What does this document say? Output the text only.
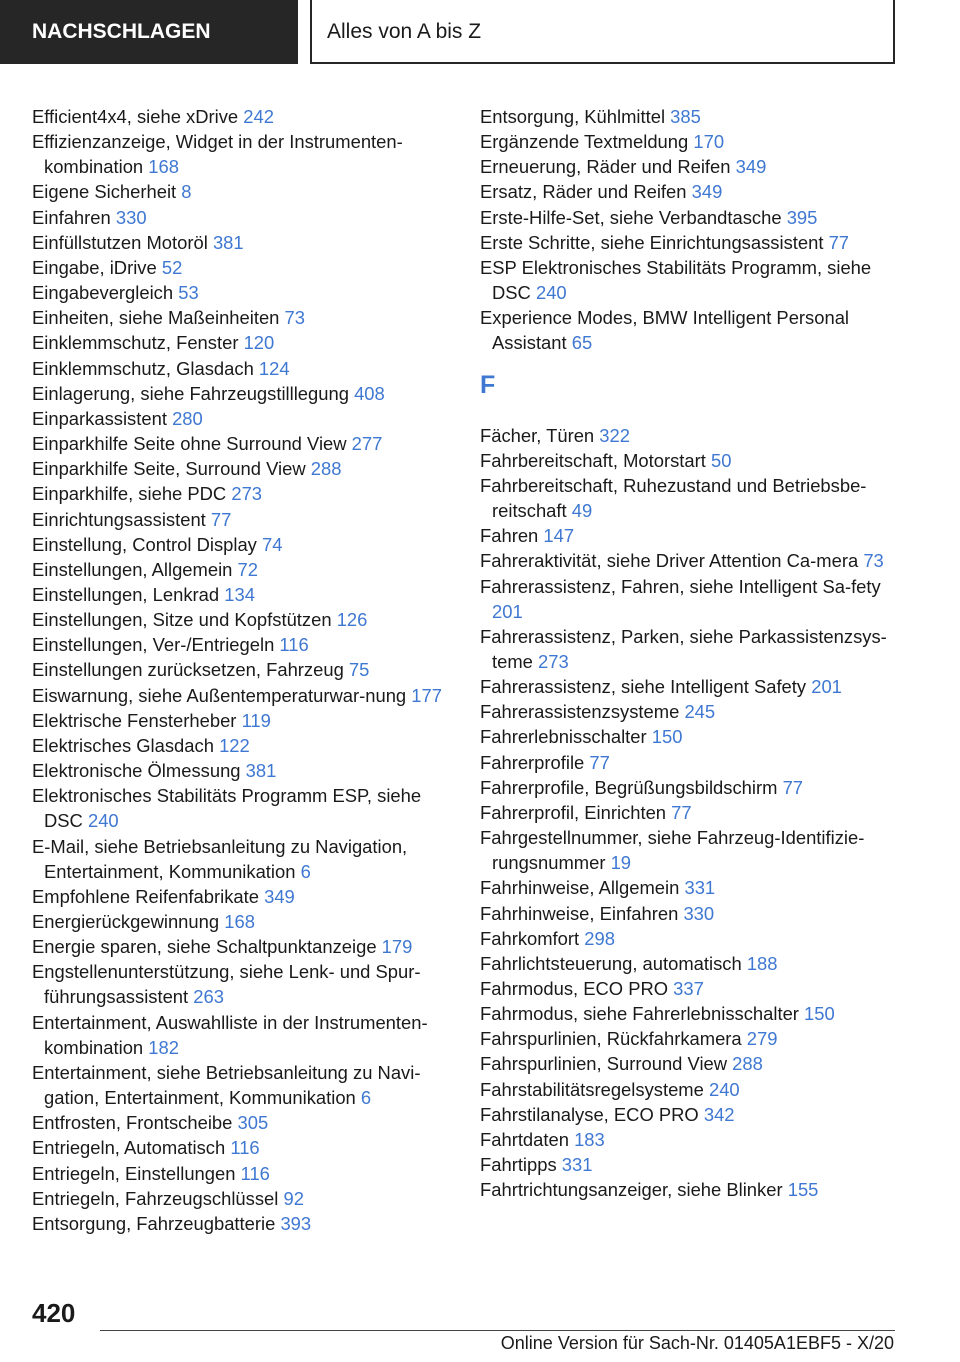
NACHSCHLAGEN	Alles von A bis Z

Efficient4x4, siehe xDrive 242

Effizienzanzeige, Widget in der Instrumenten-kombination 168

Eigene Sicherheit 8

Einfahren 330

Einfüllstutzen Motoröl 381

Eingabe, iDrive 52

Eingabevergleich 53

Einheiten, siehe Maßeinheiten 73

Einklemmschutz, Fenster 120

Einklemmschutz, Glasdach 124

Einlagerung, siehe Fahrzeugstilllegung 408

Einparkassistent 280

Einparkhilfe Seite ohne Surround View 277

Einparkhilfe Seite, Surround View 288

Einparkhilfe, siehe PDC 273

Einrichtungsassistent 77

Einstellung, Control Display 74

Einstellungen, Allgemein 72

Einstellungen, Lenkrad 134

Einstellungen, Sitze und Kopfstützen 126

Einstellungen, Ver-/Entriegeln 116

Einstellungen zurücksetzen, Fahrzeug 75

Eiswarnung, siehe Außentemperaturwar-nung 177

Elektrische Fensterheber 119

Elektrisches Glasdach 122

Elektronische Ölmessung 381

Elektronisches Stabilitäts Programm ESP, siehe DSC 240

E-Mail, siehe Betriebsanleitung zu Navigation, Entertainment, Kommunikation 6

Empfohlene Reifenfabrikate 349

Energierückgewinnung 168

Energie sparen, siehe Schaltpunktanzeige 179

Engstellenunterstützung, siehe Lenk- und Spur-führungsassistent 263

Entertainment, Auswahlliste in der Instrumenten-kombination 182

Entertainment, siehe Betriebsanleitung zu Navi-gation, Entertainment, Kommunikation 6

Entfrosten, Frontscheibe 305

Entriegeln, Automatisch 116

Entriegeln, Einstellungen 116

Entriegeln, Fahrzeugschlüssel 92

Entsorgung, Fahrzeugbatterie 393

Entsorgung, Kühlmittel 385

Ergänzende Textmeldung 170

Erneuerung, Räder und Reifen 349

Ersatz, Räder und Reifen 349

Erste-Hilfe-Set, siehe Verbandtasche 395

Erste Schritte, siehe Einrichtungsassistent 77

ESP Elektronisches Stabilitäts Programm, siehe DSC 240

Experience Modes, BMW Intelligent Personal Assistant 65

F

Fächer, Türen 322

Fahrbereitschaft, Motorstart 50

Fahrbereitschaft, Ruhezustand und Betriebsbe-reitschaft 49

Fahren 147

Fahreraktivität, siehe Driver Attention Ca-mera 73

Fahrerassistenz, Fahren, siehe Intelligent Sa-fety 201

Fahrerassistenz, Parken, siehe Parkassistenzsys-teme 273

Fahrerassistenz, siehe Intelligent Safety 201

Fahrerassistenzsysteme 245

Fahrerlebnisschalter 150

Fahrerprofile 77

Fahrerprofile, Begrüßungsbildschirm 77

Fahrerprofil, Einrichten 77

Fahrgestellnummer, siehe Fahrzeug-Identifizie-rungsnummer 19

Fahrhinweise, Allgemein 331

Fahrhinweise, Einfahren 330

Fahrkomfort 298

Fahrlichtsteuerung, automatisch 188

Fahrmodus, ECO PRO 337

Fahrmodus, siehe Fahrerlebnisschalter 150

Fahrspurlinien, Rückfahrkamera 279

Fahrspurlinien, Surround View 288

Fahrstabilitätsregelsysteme 240

Fahrstilanalyse, ECO PRO 342

Fahrtdaten 183

Fahrtipps 331

Fahrtrichtungsanzeiger, siehe Blinker 155

420
Online Version für Sach-Nr. 01405A1EBF5 - X/20
